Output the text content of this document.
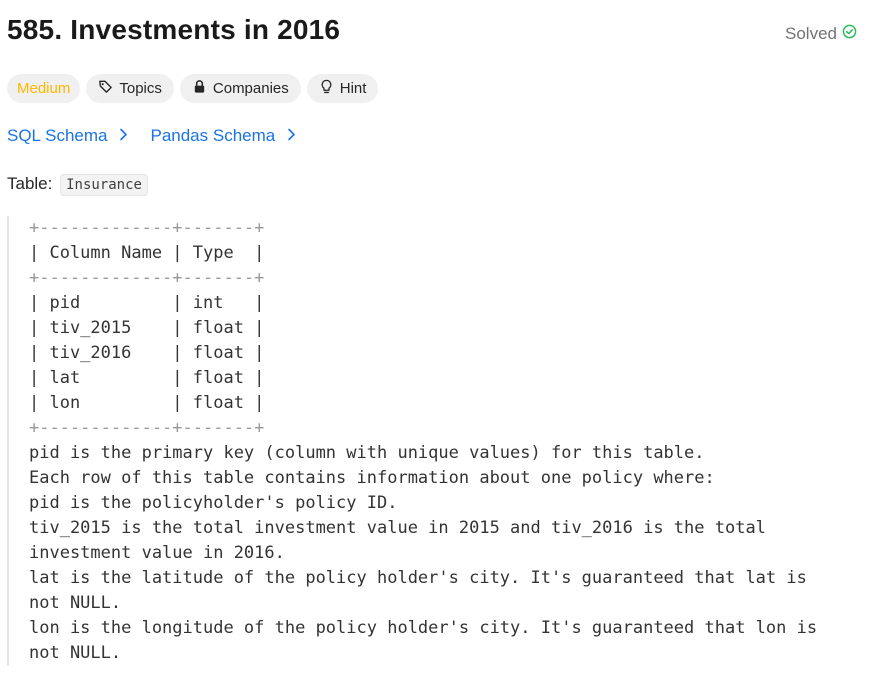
585. Investments in 2016	Solved
Medium	Topics	Companies	Hint
SQL Schema	Pandas Schema
Table: Insurance
+-------------+-------+
| Column Name | Type  |
+-------------+-------+
| pid         | int   |
| tiv_2015    | float |
| tiv_2016    | float |
| lat         | float |
| lon         | float |
+-------------+-------+
pid is the primary key (column with unique values) for this table.
Each row of this table contains information about one policy where:
pid is the policyholder's policy ID.
tiv_2015 is the total investment value in 2015 and tiv_2016 is the total
investment value in 2016.
lat is the latitude of the policy holder's city. It's guaranteed that lat is
not NULL.
lon is the longitude of the policy holder's city. It's guaranteed that lon is
not NULL.
